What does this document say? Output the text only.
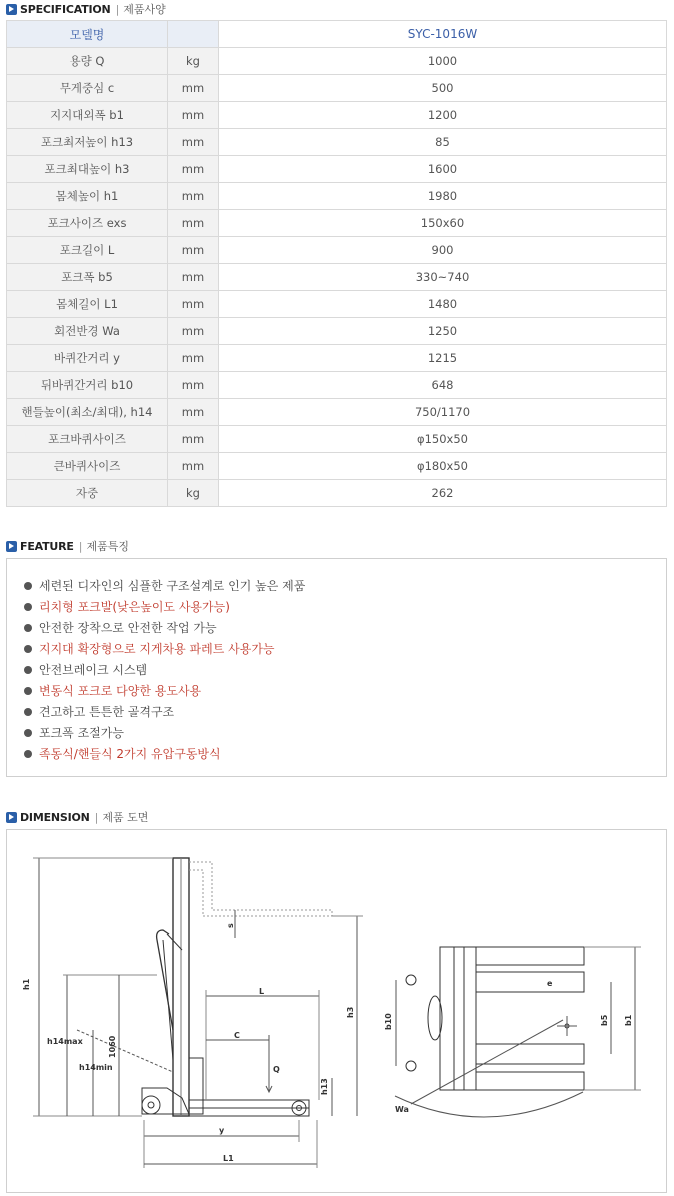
SPECIFICATION | 제품사양
모델명		SYC-1016W
용량 Q	kg	1000
무게중심 c	mm	500
지지대외폭 b1	mm	1200
포크최저높이 h13	mm	85
포크최대높이 h3	mm	1600
몸체높이 h1	mm	1980
포크사이즈 exs	mm	150x60
포크길이 L	mm	900
포크폭 b5	mm	330~740
몸체길이 L1	mm	1480
회전반경 Wa	mm	1250
바퀴간거리 y	mm	1215
뒤바퀴간거리 b10	mm	648
핸들높이(최소/최대), h14	mm	750/1170
포크바퀴사이즈	mm	φ150x50
큰바퀴사이즈	mm	φ180x50
자중	kg	262
FEATURE | 제품특징
세련된 디자인의 심플한 구조설계로 인기 높은 제품
리치형 포크발(낮은높이도 사용가능)
안전한 장착으로 안전한 작업 가능
지지대 확장형으로 지게차용 파레트 사용가능
안전브레이크 시스템
변동식 포크로 다양한 용도사용
견고하고 튼튼한 골격구조
포크폭 조절가능
족동식/핸들식 2가지 유압구동방식
DIMENSION | 제품 도면
h1
h14max
h14min
1060
h3
h13
s
L
C
Q
y
L1
e
b10	b5 b1
Wa
